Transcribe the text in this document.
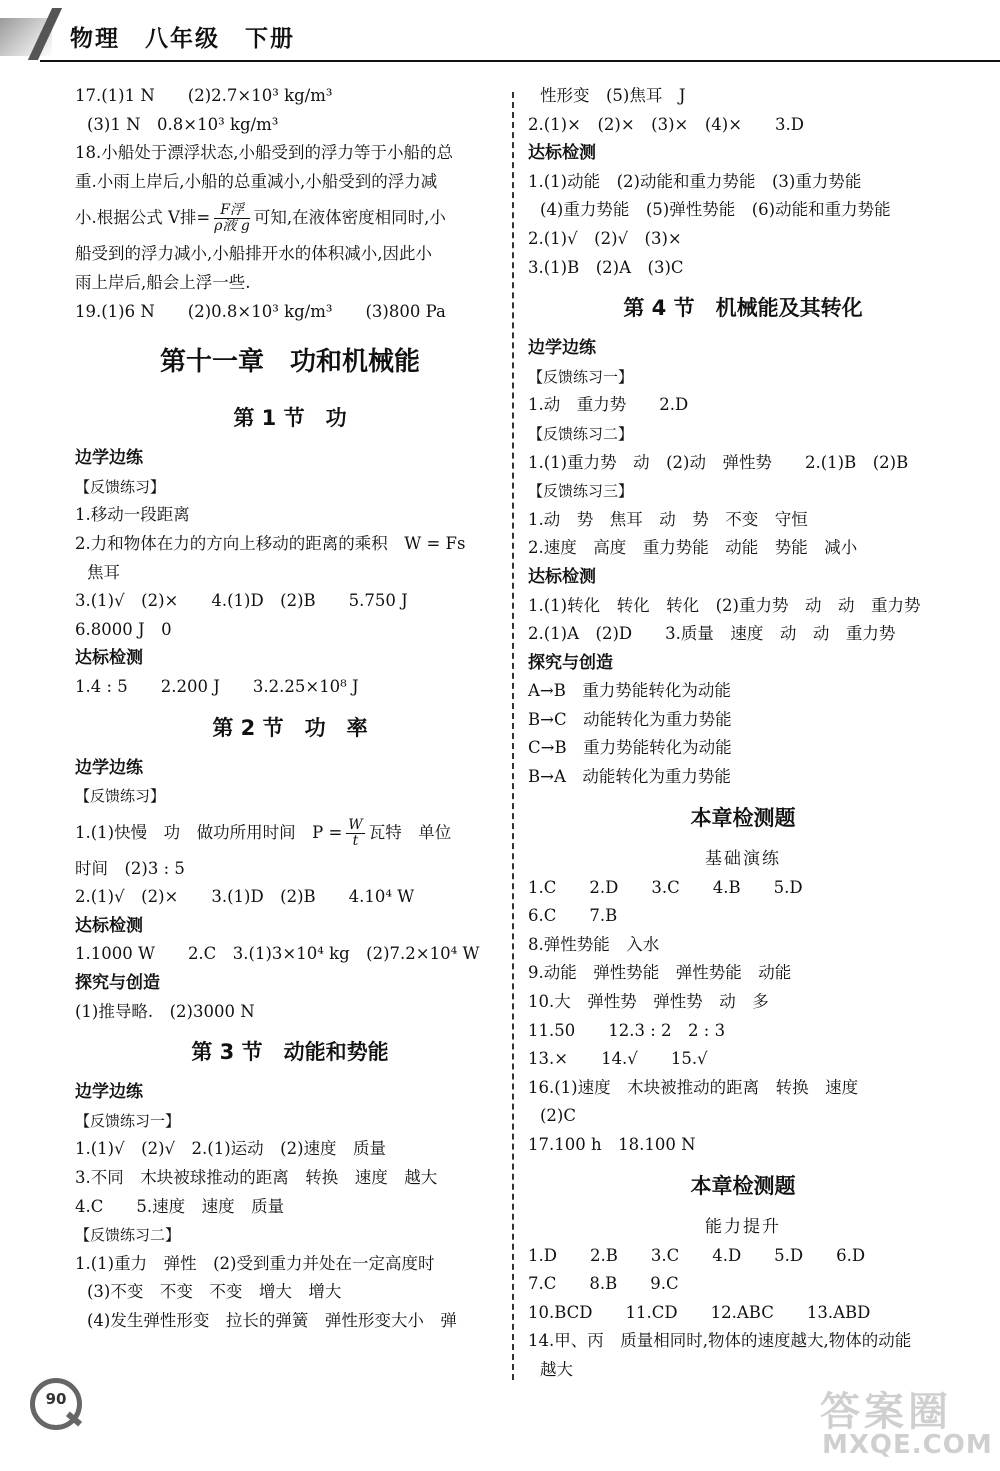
物理　八年级　下册
17.(1)1 N　　(2)2.7×10³ kg/m³
(3)1 N　0.8×10³ kg/m³
18.小船处于漂浮状态,小船受到的浮力等于小船的总
重.小雨上岸后,小船的总重减小,小船受到的浮力减
小.根据公式 V排= $\frac{\text{F浮}}{\text{ρ液 g}}$ 可知,在液体密度相同时,小
船受到的浮力减小,小船排开水的体积减小,因此小
雨上岸后,船会上浮一些.
19.(1)6 N　　(2)0.8×10³ kg/m³　　(3)800 Pa
第十一章　功和机械能
第 1 节　功
边学边练
【反馈练习】
1.移动一段距离
2.力和物体在力的方向上移动的距离的乘积　W = Fs
焦耳
3.(1)√　(2)×　　4.(1)D　(2)B　　5.750 J
6.8000 J　0
达标检测
1.4 : 5　　2.200 J　　3.2.25×10⁸ J
第 2 节　功　率
边学边练
【反馈练习】
1.(1)快慢　功　做功所用时间　$P = \frac{W}{t}$ 瓦特　单位
时间　(2)3 : 5
2.(1)√　(2)×　　3.(1)D　(2)B　　4.10⁴ W
达标检测
1.1000 W　　2.C　3.(1)3×10⁴ kg　(2)7.2×10⁴ W
探究与创造
(1)推导略.　(2)3000 N
第 3 节　动能和势能
边学边练
【反馈练习一】
1.(1)√　(2)√　2.(1)运动　(2)速度　质量
3.不同　木块被球推动的距离　转换　速度　越大
4.C　　5.速度　速度　质量
【反馈练习二】
1.(1)重力　弹性　(2)受到重力并处在一定高度时
(3)不变　不变　不变　增大　增大
(4)发生弹性形变　拉长的弹簧　弹性形变大小　弹
性形变　(5)焦耳　J
2.(1)×　(2)×　(3)×　(4)×　　3.D
达标检测
1.(1)动能　(2)动能和重力势能　(3)重力势能
(4)重力势能　(5)弹性势能　(6)动能和重力势能
2.(1)√　(2)√　(3)×
3.(1)B　(2)A　(3)C
第 4 节　机械能及其转化
边学边练
【反馈练习一】
1.动　重力势　　2.D
【反馈练习二】
1.(1)重力势　动　(2)动　弹性势　　2.(1)B　(2)B
【反馈练习三】
1.动　势　焦耳　动　势　不变　守恒
2.速度　高度　重力势能　动能　势能　减小
达标检测
1.(1)转化　转化　转化　(2)重力势　动　动　重力势
2.(1)A　(2)D　　3.质量　速度　动　动　重力势
探究与创造
A→B　重力势能转化为动能
B→C　动能转化为重力势能
C→B　重力势能转化为动能
B→A　动能转化为重力势能
本章检测题
基础演练
1.C　　2.D　　3.C　　4.B　　5.D
6.C　　7.B
8.弹性势能　入水
9.动能　弹性势能　弹性势能　动能
10.大　弹性势　弹性势　动　多
11.50　　12.3 : 2　2 : 3
13.×　　14.√　　15.√
16.(1)速度　木块被推动的距离　转换　速度
(2)C
17.100 h　18.100 N
本章检测题
能力提升
1.D　　2.B　　3.C　　4.D　　5.D　　6.D
7.C　　8.B　　9.C
10.BCD　　11.CD　　12.ABC　　13.ABD
14.甲、丙　质量相同时,物体的速度越大,物体的动能
越大
90	答案圈
MXQE.COM
